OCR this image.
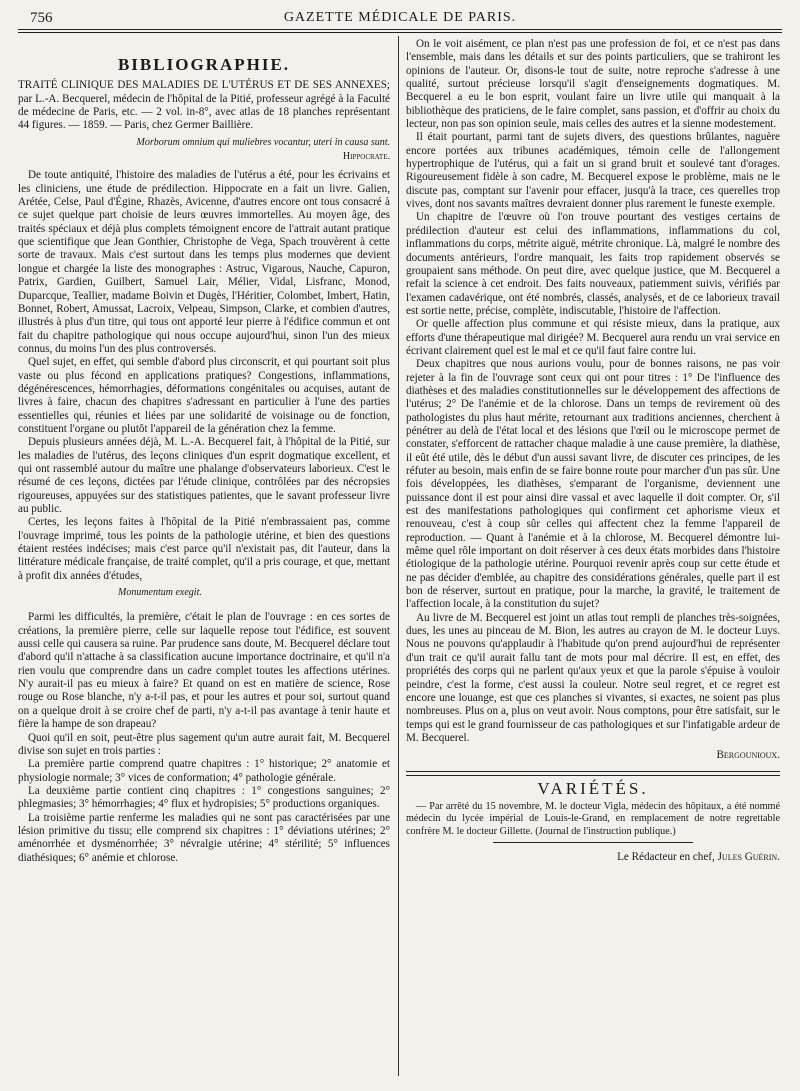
756	GAZETTE MÉDICALE DE PARIS.
BIBLIOGRAPHIE.

TRAITÉ CLINIQUE DES MALADIES DE L'UTÉRUS ET DE SES ANNEXES; par L.-A. Becquerel, médecin de l'hôpital de la Pitié, professeur agrégé à la Faculté de médecine de Paris, etc. — 2 vol. in-8°, avec atlas de 18 planches représentant 44 figures. — 1859. — Paris, chez Germer Baillière.

Morborum omnium qui muliebres vocantur, uteri in causa sunt.

Hippocrate.

De toute antiquité, l'histoire des maladies de l'utérus a été, pour les écrivains et les cliniciens, une étude de prédilection. Hippocrate en a fait un livre. Galien, Arétée, Celse, Paul d'Égine, Rhazès, Avicenne, d'autres encore ont tous consacré à ce sujet quelque part choisie de leurs œuvres immortelles. Au moyen âge, des traités spéciaux et déjà plus complets témoignent encore de l'attrait autant pratique que scientifique que Jean Gonthier, Christophe de Vega, Spach trouvèrent à cette sorte de travaux. Mais c'est surtout dans les temps plus modernes que devient longue et chargée la liste des monographes : Astruc, Vigarous, Nauche, Capuron, Patrix, Gardien, Guilbert, Samuel Lair, Mélier, Vidal, Lisfranc, Monod, Duparcque, Teallier, madame Boivin et Dugès, l'Héritier, Colombet, Imbert, Hatin, Bonnet, Robert, Amussat, Lacroix, Velpeau, Simpson, Clarke, et combien d'autres, illustrés à plus d'un titre, qui tous ont apporté leur pierre à l'édifice commun et ont fait du chapitre pathologique qui nous occupe aujourd'hui, sinon l'un des mieux connus, du moins l'un des plus controversés.

Quel sujet, en effet, qui semble d'abord plus circonscrit, et qui pourtant soit plus vaste ou plus fécond en applications pratiques? Congestions, inflammations, dégénérescences, hémorrhagies, déformations congénitales ou acquises, autant de livres à faire, chacun des chapitres s'adressant en particulier à l'une des parties essentielles qui, réunies et liées par une solidarité de voisinage ou de fonction, constituent l'organe ou plutôt l'appareil de la génération chez la femme.

Depuis plusieurs années déjà, M. L.-A. Becquerel fait, à l'hôpital de la Pitié, sur les maladies de l'utérus, des leçons cliniques d'un esprit dogmatique excellent, et qui ont rassemblé autour du maître une phalange d'observateurs laborieux. C'est le résumé de ces leçons, dictées par l'étude clinique, contrôlées par des nécropsies rigoureuses, appuyées sur des statistiques patientes, que le savant professeur livre au public.

Certes, les leçons faites à l'hôpital de la Pitié n'embrassaient pas, comme l'ouvrage imprimé, tous les points de la pathologie utérine, et bien des questions étaient restées indécises; mais c'est parce qu'il n'existait pas, dit l'auteur, dans la littérature médicale française, de traité complet, qu'il a pris courage, et que, mettant à profit dix années d'études,

Monumentum exegit.

Parmi les difficultés, la première, c'était le plan de l'ouvrage : en ces sortes de créations, la première pierre, celle sur laquelle repose tout l'édifice, est souvent aussi celle qui causera sa ruine. Par prudence sans doute, M. Becquerel déclare tout d'abord qu'il n'attache à sa classification aucune importance doctrinaire, et qu'il n'a rien voulu que comprendre dans un cadre complet toutes les affections utérines. N'y aurait-il pas eu mieux à faire? Et quand on est en matière de science, Rose rouge ou Rose blanche, n'y a-t-il pas, et pour les autres et pour soi, surtout quand on a quelque droit à se croire chef de parti, n'y a-t-il pas avantage à tenir haute et fière la hampe de son drapeau?

Quoi qu'il en soit, peut-être plus sagement qu'un autre aurait fait, M. Becquerel divise son sujet en trois parties :

La première partie comprend quatre chapitres : 1° historique; 2° anatomie et physiologie normale; 3° vices de conformation; 4° pathologie générale.

La deuxième partie contient cinq chapitres : 1° congestions sanguines; 2° phlegmasies; 3° hémorrhagies; 4° flux et hydropisies; 5° productions organiques.

La troisième partie renferme les maladies qui ne sont pas caractérisées par une lésion primitive du tissu; elle comprend six chapitres : 1° déviations utérines; 2° aménorrhée et dysménorrhée; 3° névralgie utérine; 4° stérilité; 5° influences diathésiques; 6° anémie et chlorose.

On le voit aisément, ce plan n'est pas une profession de foi, et ce n'est pas dans l'ensemble, mais dans les détails et sur des points particuliers, que se trahiront les opinions de l'auteur. Or, disons-le tout de suite, notre reproche s'adresse à une qualité, surtout précieuse lorsqu'il s'agit d'enseignements dogmatiques. M. Becquerel a eu le bon esprit, voulant faire un livre utile qui manquait à la bibliothèque des praticiens, de le faire complet, sans passion, et d'offrir au choix du lecteur, non pas son opinion seule, mais celles des autres et la sienne modestement.

Il était pourtant, parmi tant de sujets divers, des questions brûlantes, naguère encore portées aux tribunes académiques, témoin celle de l'allongement hypertrophique de l'utérus, qui a fait un si grand bruit et soulevé tant d'orages. Rigoureusement fidèle à son cadre, M. Becquerel expose le problème, mais ne le discute pas, comptant sur l'avenir pour effacer, jusqu'à la trace, ces querelles trop vives, dont nos savants maîtres devraient donner plus rarement le funeste exemple.

Un chapitre de l'œuvre où l'on trouve pourtant des vestiges certains de prédilection d'auteur est celui des inflammations, inflammations du col, inflammations du corps, métrite aiguë, métrite chronique. Là, malgré le nombre des documents antérieurs, l'ordre manquait, les faits trop rapidement observés se groupaient sans méthode. On peut dire, avec quelque justice, que M. Becquerel a refait la science à cet endroit. Des faits nouveaux, patiemment suivis, vérifiés par l'examen cadavérique, ont été nombrés, classés, analysés, et de ce laborieux travail est sortie nette, précise, complète, indiscutable, l'histoire de l'affection.

Or quelle affection plus commune et qui résiste mieux, dans la pratique, aux efforts d'une thérapeutique mal dirigée? M. Becquerel aura rendu un vrai service en écrivant clairement quel est le mal et ce qu'il faut faire contre lui.

Deux chapitres que nous aurions voulu, pour de bonnes raisons, ne pas voir rejeter à la fin de l'ouvrage sont ceux qui ont pour titres : 1° De l'influence des diathèses et des maladies constitutionnelles sur le développement des affections de l'utérus; 2° De l'anémie et de la chlorose. Dans un temps de revirement où des pathologistes du plus haut mérite, retournant aux traditions anciennes, cherchent à pénétrer au delà de l'état local et des lésions que l'œil ou le microscope permet de constater, s'efforcent de rattacher chaque maladie à une cause première, la diathèse, il eût été utile, dès le début d'un aussi savant livre, de discuter ces principes, de les réfuter au besoin, mais enfin de se faire bonne route pour marcher d'un pas sûr. Une fois développées, les diathèses, s'emparant de l'organisme, deviennent une puissance dont il est pour ainsi dire vassal et avec laquelle il doit compter. Or, s'il est des manifestations pathologiques qui confirment cet aphorisme vieux et renouveau, c'est à coup sûr celles qui affectent chez la femme l'appareil de reproduction. — Quant à l'anémie et à la chlorose, M. Becquerel démontre lui-même quel rôle important on doit réserver à ces deux états morbides dans l'histoire étiologique de la pathologie utérine. Pourquoi revenir après coup sur cette étude et ne pas décider d'emblée, au chapitre des considérations générales, quelle part il est bon de réserver, surtout en pratique, pour la marche, la gravité, le traitement de l'affection locale, à la constitution du sujet?

Au livre de M. Becquerel est joint un atlas tout rempli de planches très-soignées, dues, les unes au pinceau de M. Bion, les autres au crayon de M. le docteur Luys. Nous ne pouvons qu'applaudir à l'habitude qu'on prend aujourd'hui de représenter d'un trait ce qu'il aurait fallu tant de mots pour mal décrire. Il est, en effet, des propriétés des corps qui ne parlent qu'aux yeux et que la parole s'épuise à vouloir peindre, c'est la forme, c'est aussi la couleur. Notre seul regret, et ce regret est encore une louange, est que ces planches si vivantes, si exactes, ne soient pas plus nombreuses. Plus on a, plus on veut avoir. Nous comptons, pour être satisfait, sur le temps qui est le grand fournisseur de cas pathologiques et sur l'infatigable ardeur de M. Becquerel.

Bergounioux.

VARIÉTÉS.

— Par arrêté du 15 novembre, M. le docteur Vigla, médecin des hôpitaux, a été nommé médecin du lycée impérial de Louis-le-Grand, en remplacement de notre regrettable confrère M. le docteur Gillette. (Journal de l'instruction publique.)

Le Rédacteur en chef, Jules Guérin.
